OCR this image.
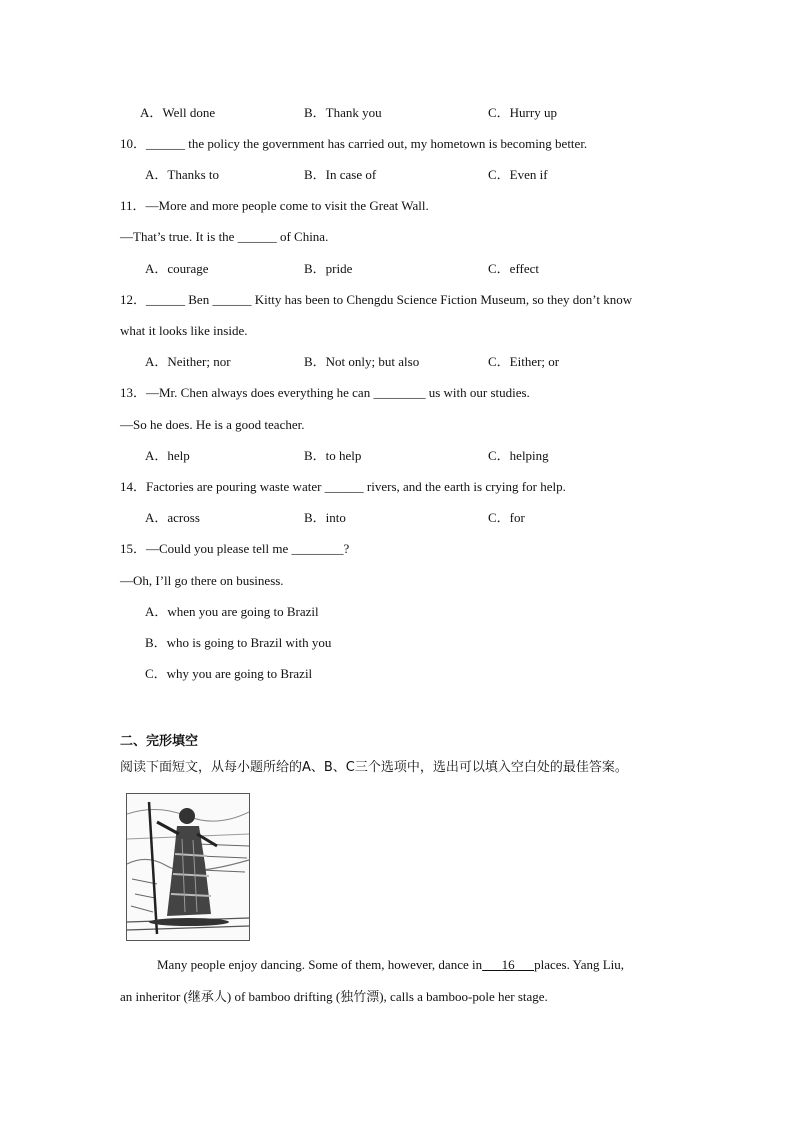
A．Well done	B．Thank you	C．Hurry up
10．______ the policy the government has carried out, my hometown is becoming better.
A．Thanks to	B．In case of	C．Even if
11．—More and more people come to visit the Great Wall.
—That’s true. It is the ______ of China.
A．courage	B．pride	C．effect
12．______ Ben ______ Kitty has been to Chengdu Science Fiction Museum, so they don’t know
what it looks like inside.
A．Neither; nor	B．Not only; but also	C．Either; or
13．—Mr. Chen always does everything he can ________ us with our studies.
—So he does. He is a good teacher.
A．help	B．to help	C．helping
14．Factories are pouring waste water ______ rivers, and the earth is crying for help.
A．across	B．into	C．for
15．—Could you please tell me ________?
—Oh, I’ll go there on business.
A．when you are going to Brazil
B．who is going to Brazil with you
C．why you are going to Brazil
二、完形填空
阅读下面短文，从每小题所给的A、B、C三个选项中，选出可以填入空白处的最佳答案。
Many people enjoy dancing. Some of them, however, dance in 16 places. Yang Liu,
an inheritor (继承人) of bamboo drifting (独竹漂), calls a bamboo-pole her stage.
